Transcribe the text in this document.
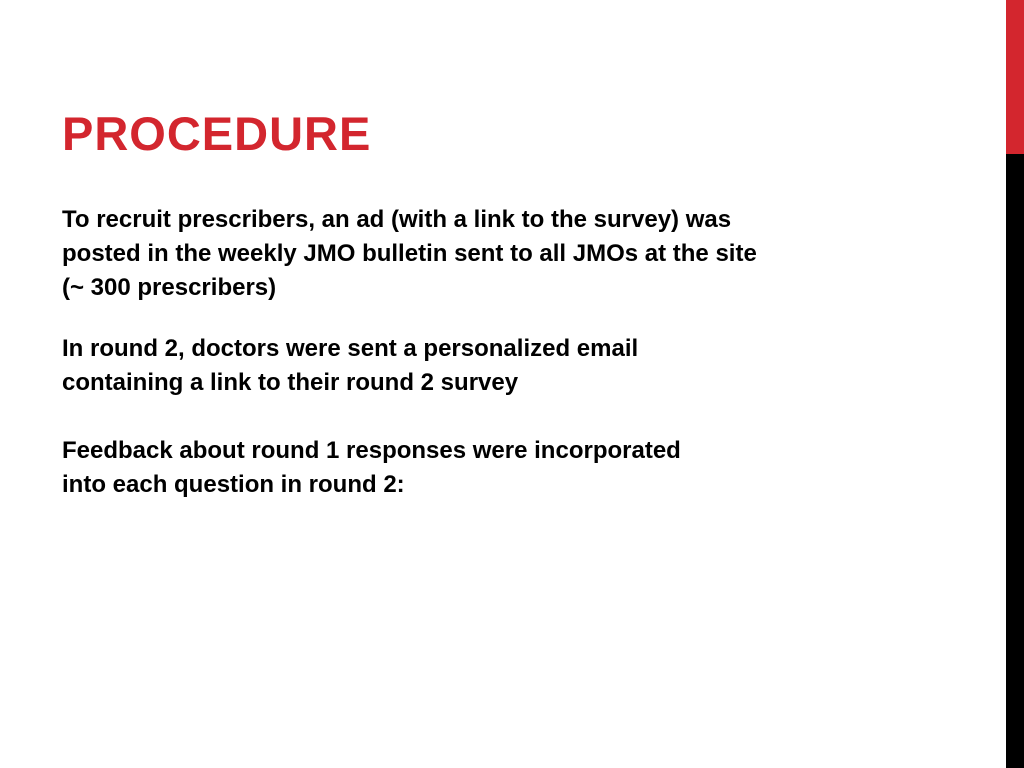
PROCEDURE

To recruit prescribers, an ad (with a link to the survey) was
posted in the weekly JMO bulletin sent to all JMOs at the site
(~ 300 prescribers)

In round 2, doctors were sent a personalized email
containing a link to their round 2 survey

Feedback about round 1 responses were incorporated
into each question in round 2:
